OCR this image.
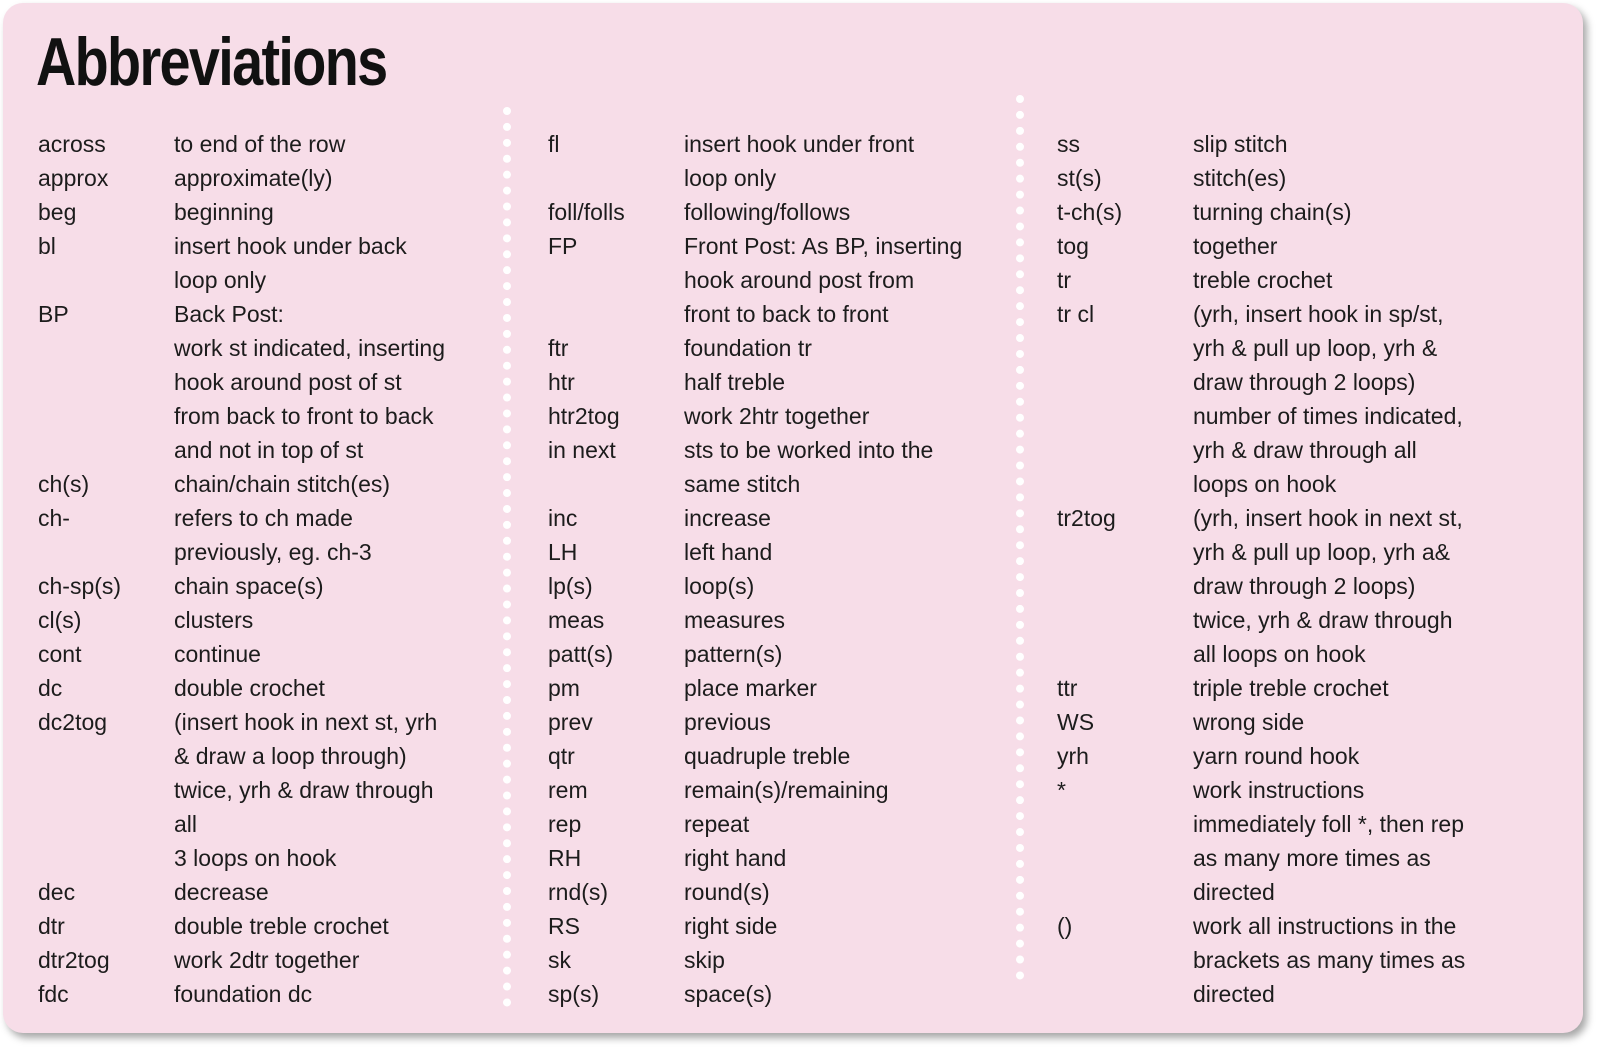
Abbreviations
across	to end of the row
approx	approximate(ly)
beg	beginning
bl	insert hook under back
loop only
BP	Back Post:
work st indicated, inserting
hook around post of st
from back to front to back
and not in top of st
ch(s)	chain/chain stitch(es)
ch-	refers to ch made
previously, eg. ch-3
ch-sp(s) chain space(s)
cl(s)	clusters
cont	continue
dc	double crochet
dc2tog	(insert hook in next st, yrh
& draw a loop through)
twice, yrh & draw through
all
3 loops on hook
dec	decrease
dtr	double treble crochet
dtr2tog	work 2dtr together
fdc	foundation dc
fl	insert hook under front
loop only
foll/folls	following/follows
FP	Front Post: As BP, inserting
hook around post from
front to back to front
ftr	foundation tr
htr	half treble
htr2tog	work 2htr together
in next	sts to be worked into the
same stitch
inc	increase
LH	left hand
lp(s)	loop(s)
meas	measures
patt(s)	pattern(s)
pm	place marker
prev	previous
qtr	quadruple treble
rem	remain(s)/remaining
rep	repeat
RH	right hand
rnd(s)	round(s)
RS	right side
sk	skip
sp(s)	space(s)
ss	slip stitch
st(s)	stitch(es)
t-ch(s)	turning chain(s)
tog	together
tr	treble crochet
tr cl	(yrh, insert hook in sp/st,
yrh & pull up loop, yrh &
draw through 2 loops)
number of times indicated,
yrh & draw through all
loops on hook
tr2tog	(yrh, insert hook in next st,
yrh & pull up loop, yrh a&
draw through 2 loops)
twice, yrh & draw through
all loops on hook
ttr	triple treble crochet
WS	wrong side
yrh	yarn round hook
*	work instructions
immediately foll *, then rep
as many more times as
directed
()	work all instructions in the
brackets as many times as
directed
